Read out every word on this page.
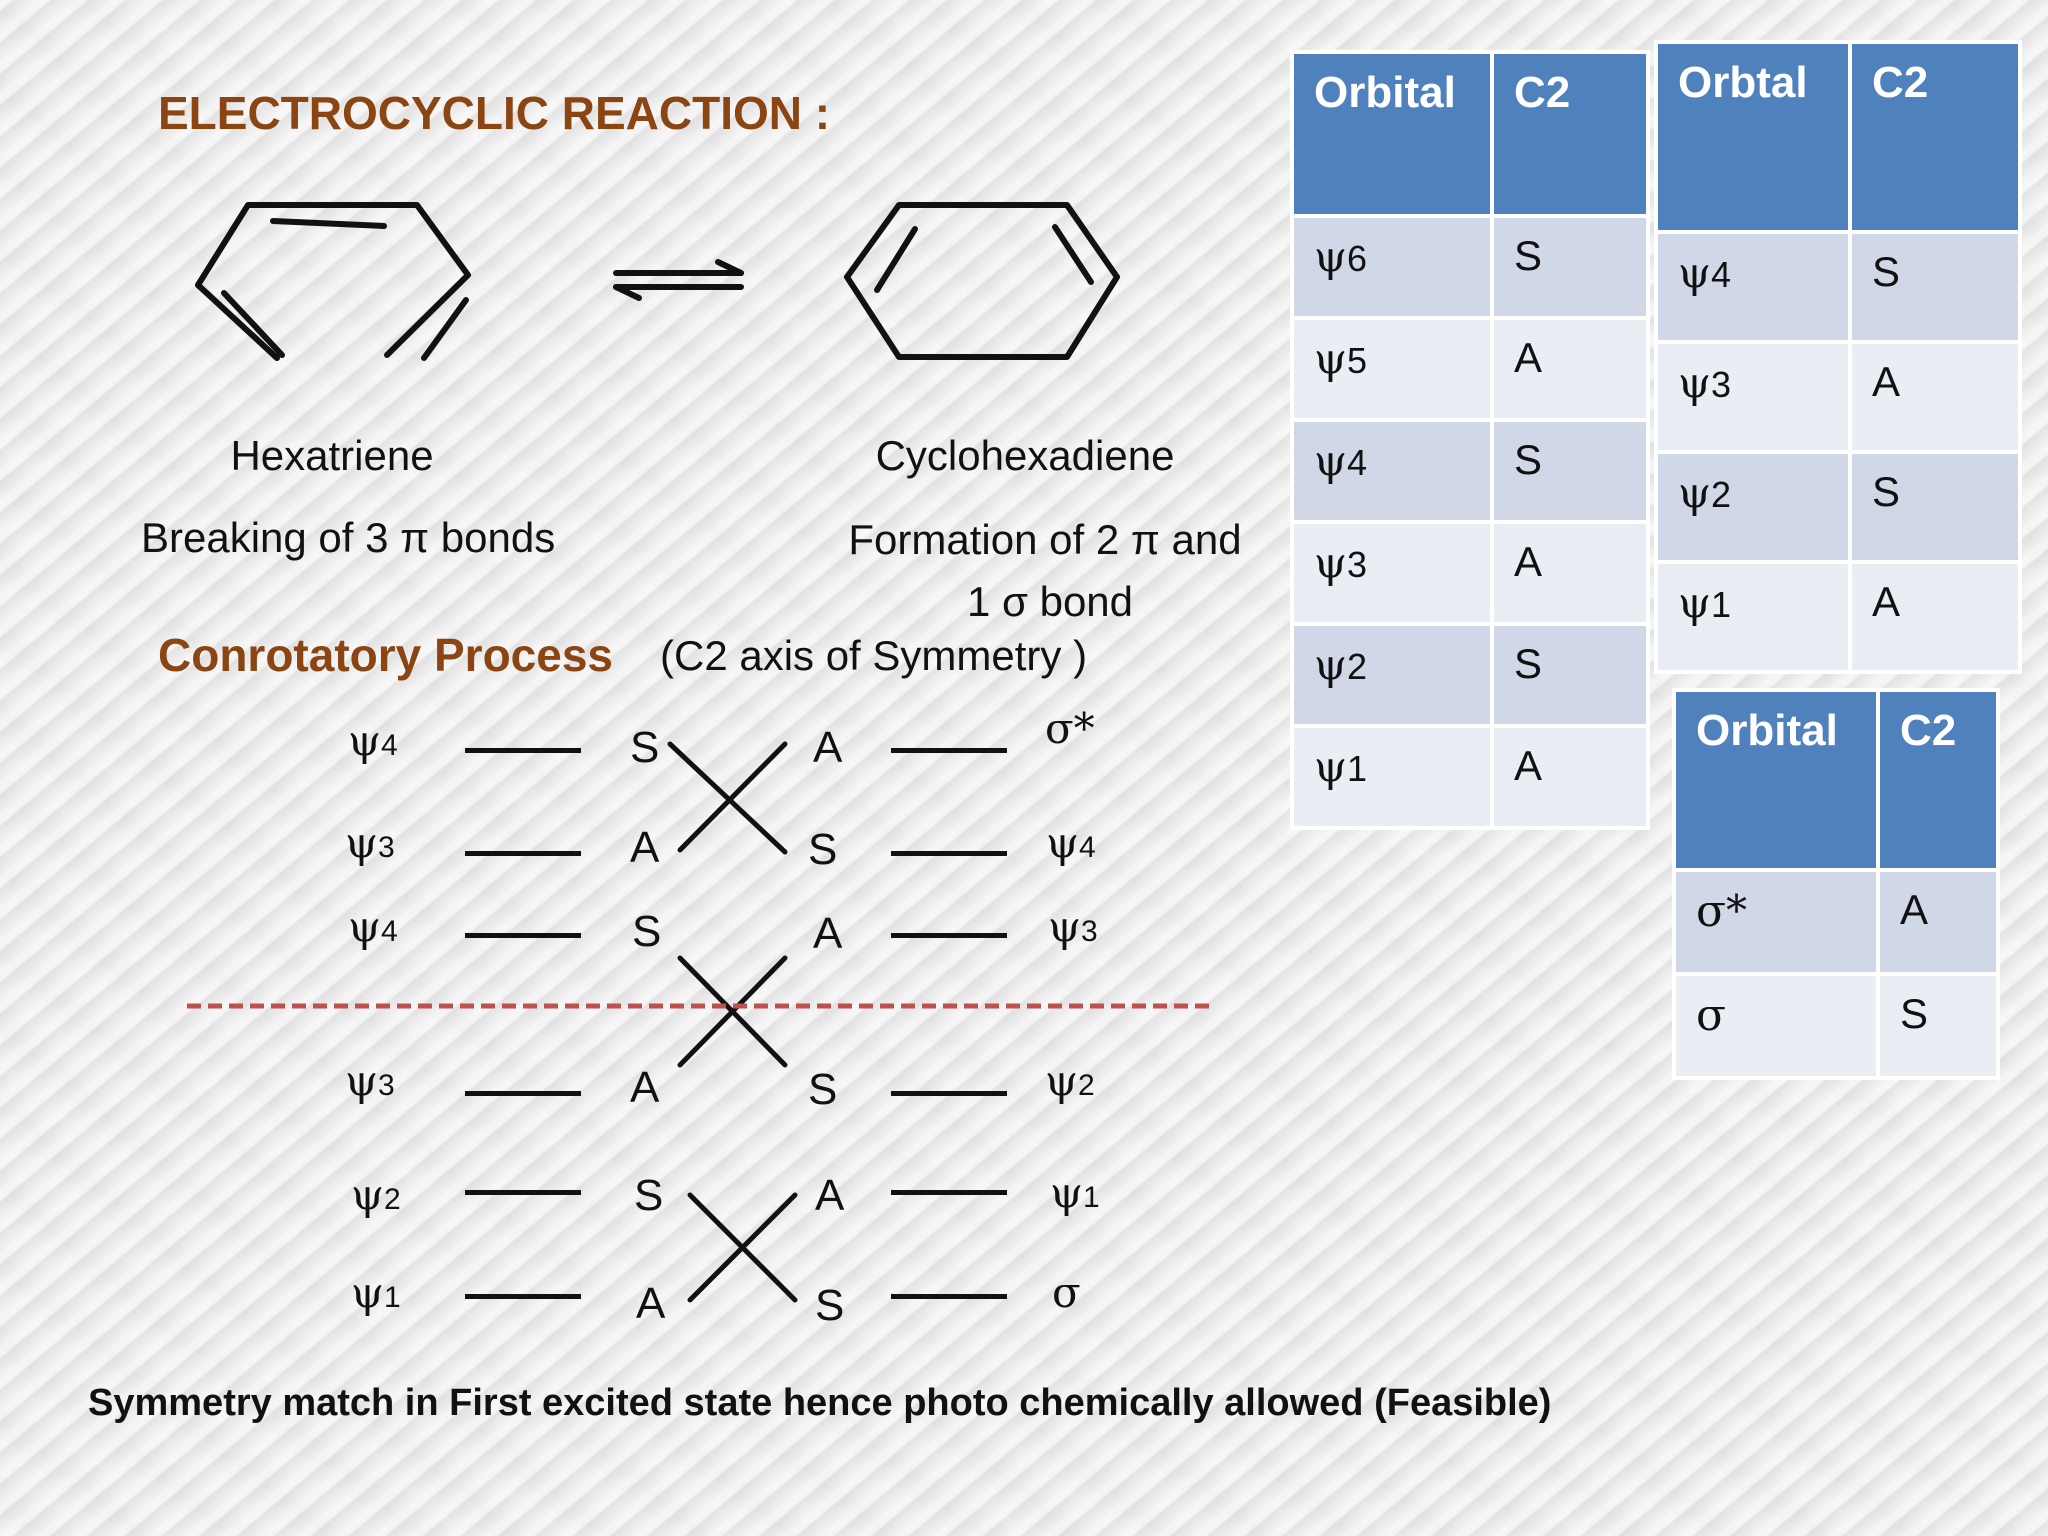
ELECTROCYCLIC REACTION :
Hexatriene
Breaking of 3 π bonds
Cyclohexadiene
Formation of 2 π and
1 σ bond
Conrotatory Process (C2 axis of Symmetry )
ψ4	S	A	σ*
ψ3	A	S	ψ4
ψ4	S	A	ψ3
ψ3	A	S	ψ2
ψ2	S	A	ψ1
ψ1	A	S	σ
Orbital	C2
ψ6	S
ψ5	A
ψ4	S
ψ3	A
ψ2	S
ψ1	A
Orbtal	C2
ψ4	S
ψ3	A
ψ2	S
ψ1	A
Orbital	C2
σ*	A
σ	S
Symmetry match in First excited state hence photo chemically allowed (Feasible)
